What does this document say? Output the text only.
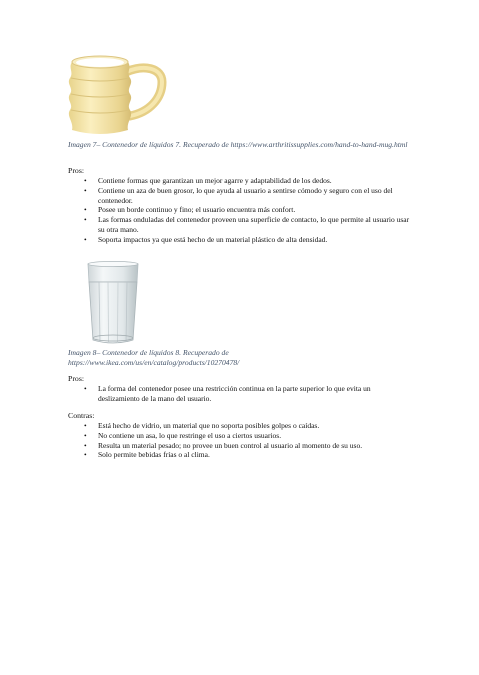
Imagen 7– Contenedor de líquidos 7. Recuperado de https://www.arthritissupplies.com/hand-to-hand-mug.html
Pros:
• Contiene formas que garantizan un mejor agarre y adaptabilidad de los dedos.
• Contiene un aza de buen grosor, lo que ayuda al usuario a sentirse cómodo y seguro con el uso del contenedor.
• Posee un borde continuo y fino; el usuario encuentra más confort.
• Las formas onduladas del contenedor proveen una superficie de contacto, lo que permite al usuario usar su otra mano.
• Soporta impactos ya que está hecho de un material plástico de alta densidad.
Imagen 8– Contenedor de líquidos 8. Recuperado de https://www.ikea.com/us/en/catalog/products/10270478/
Pros:
• La forma del contenedor posee una restricción continua en la parte superior lo que evita un deslizamiento de la mano del usuario.
Contras:
• Está hecho de vidrio, un material que no soporta posibles golpes o caídas.
• No contiene un asa, lo que restringe el uso a ciertos usuarios.
• Resulta un material pesado; no provee un buen control al usuario al momento de su uso.
• Solo permite bebidas frías o al clima.
